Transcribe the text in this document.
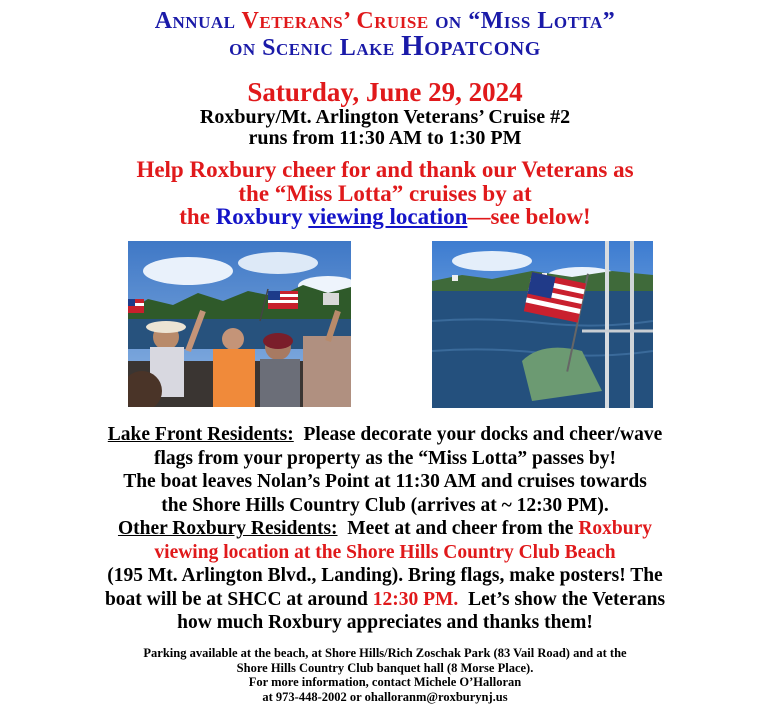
Annual Veterans’ Cruise on “Miss Lotta”
on Scenic Lake Hopatcong
Saturday, June 29, 2024
Roxbury/Mt. Arlington Veterans’ Cruise #2
runs from 11:30 AM to 1:30 PM
Help Roxbury cheer for and thank our Veterans as
the “Miss Lotta” cruises by at
the Roxbury viewing location—see below!
Lake Front Residents: Please decorate your docks and cheer/wave
flags from your property as the “Miss Lotta” passes by!
The boat leaves Nolan’s Point at 11:30 AM and cruises towards
the Shore Hills Country Club (arrives at ~ 12:30 PM).
Other Roxbury Residents: Meet at and cheer from the Roxbury
viewing location at the Shore Hills Country Club Beach
(195 Mt. Arlington Blvd., Landing). Bring flags, make posters! The
boat will be at SHCC at around 12:30 PM. Let’s show the Veterans
how much Roxbury appreciates and thanks them!
Parking available at the beach, at Shore Hills/Rich Zoschak Park (83 Vail Road) and at the
Shore Hills Country Club banquet hall (8 Morse Place).
For more information, contact Michele O’Halloran
at 973-448-2002 or ohalloranm@roxburynj.us
